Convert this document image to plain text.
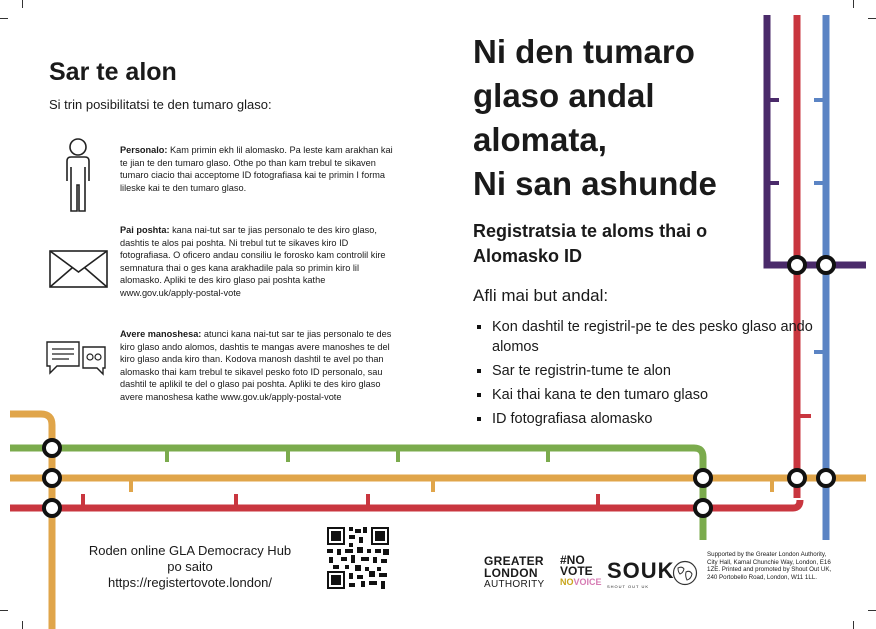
Sar te alon
Si trin posibilitatsi te den tumaro glaso:
Personalo: Kam primin ekh lil alomasko. Pa leste kam arakhan kai te jian te den tumaro glaso. Othe po than kam trebul te sikaven tumaro ciacio thai acceptome ID fotografiasa kai te primin I forma lileske kai te den tumaro glaso.
Pai poshta: kana nai-tut sar te jias personalo te des kiro glaso, dashtis te alos pai poshta. Ni trebul tut te sikaves kiro ID fotografiasa. O oficero andau consiliu le forosko kam controlil kire semnatura thai o ges kana arakhadile pala so primin kiro lil alomasko. Apliki te des kiro glaso pai poshta kathe www.gov.uk/apply-postal-vote
Avere manoshesa: atunci kana nai-tut sar te jias personalo te des kiro glaso ando alomos, dashtis te mangas avere manoshes te del kiro glaso anda kiro than. Kodova manosh dashtil te avel po than alomasko thai kam trebul te sikavel pesko foto ID personalo, sau dashtil te aplikil te del o glaso pai poshta. Apliki te des kiro glaso avere manoshesa kathe www.gov.uk/apply-postal-vote
Ni den tumaro
glaso andal
alomata,
Ni san ashunde
Registratsia te aloms thai o Alomasko ID
Afli mai but andal:
Kon dashtil te registril-pe te des pesko glaso ando alomos
Sar te registrin-tume te alon
Kai thai kana te den tumaro glaso
ID fotografiasa alomasko
Roden online GLA Democracy Hub
po saito
https://registertovote.london/
GREATER
LONDON
AUTHORITY
#NO
VOTE
NOVOICE SOUK
SHOUT OUT UK
Supported by the Greater London Authority, City Hall, Kamal Chunchie Way, London, E16 1ZE. Printed and promoted by Shout Out UK, 240 Portobello Road, London, W11 1LL.
